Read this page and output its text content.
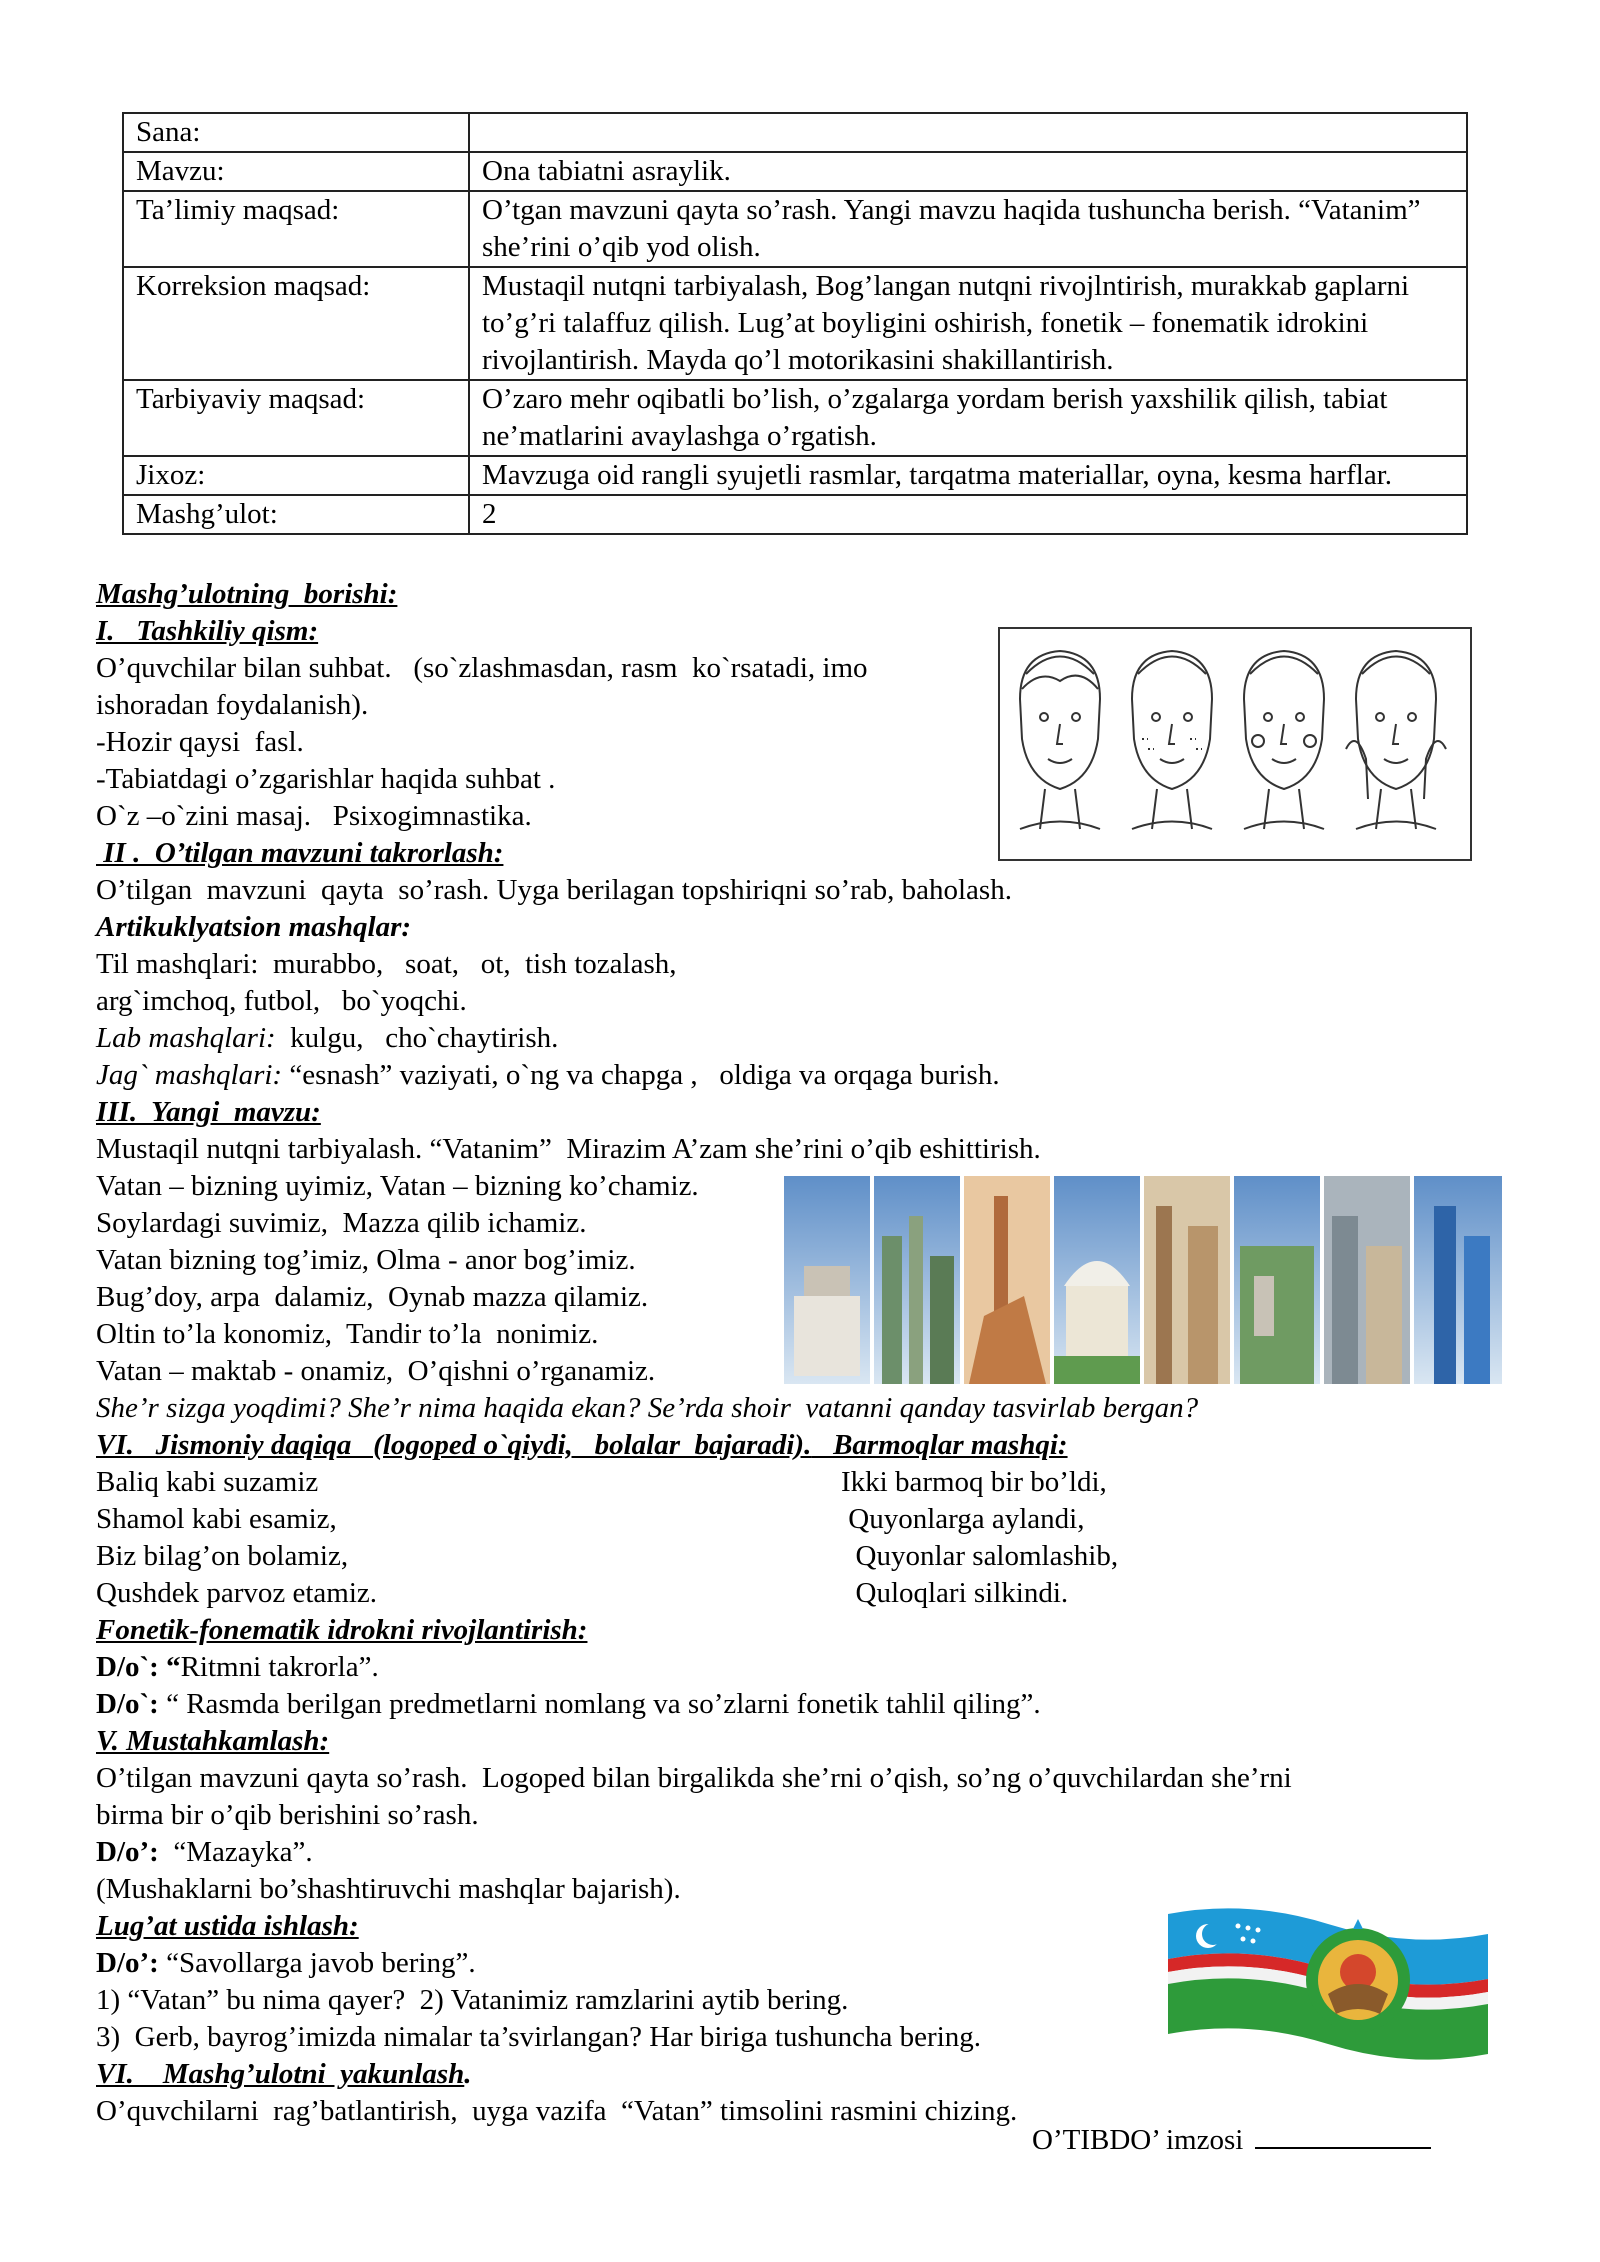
Sana:	
Mavzu:	Ona tabiatni asraylik.
Ta’limiy maqsad:	O’tgan mavzuni qayta so’rash. Yangi mavzu haqida tushuncha berish. “Vatanim” she’rini o’qib yod olish.
Korreksion maqsad:	Mustaqil nutqni tarbiyalash, Bog’langan nutqni rivojlntirish, murakkab gaplarni to’g’ri talaffuz qilish. Lug’at boyligini oshirish, fonetik – fonematik idrokini rivojlantirish. Mayda qo’l motorikasini shakillantirish.
Tarbiyaviy maqsad:	O’zaro mehr oqibatli bo’lish, o’zgalarga yordam berish yaxshilik qilish, tabiat ne’matlarini avaylashga o’rgatish.
Jixoz:	Mavzuga oid rangli syujetli rasmlar, tarqatma materiallar, oyna, kesma harflar.
Mashg’ulot:	2
Mashg’ulotning  borishi:
I.   Tashkiliy qism:
O’quvchilar bilan suhbat.   (so`zlashmasdan, rasm  ko`rsatadi, imo
ishoradan foydalanish).
-Hozir qaysi  fasl.
-Tabiatdagi o’zgarishlar haqida suhbat .
O`z –o`zini masaj.   Psixogimnastika.
II .  O’tilgan mavzuni takrorlash:
O’tilgan  mavzuni  qayta  so’rash. Uyga berilagan topshiriqni so’rab, baholash.
Artikuklyatsion mashqlar:
Til mashqlari:  murabbo,   soat,   ot,  tish tozalash,
arg`imchoq, futbol,   bo`yoqchi.
Lab mashqlari:  kulgu,   cho`chaytirish.
Jag` mashqlari: “esnash” vaziyati, o`ng va chapga ,   oldiga va orqaga burish.
III.  Yangi  mavzu:
Mustaqil nutqni tarbiyalash. “Vatanim”  Mirazim A’zam she’rini o’qib eshittirish.
Vatan – bizning uyimiz, Vatan – bizning ko’chamiz.
Soylardagi suvimiz,  Mazza qilib ichamiz.
Vatan bizning tog’imiz, Olma - anor bog’imiz.
Bug’doy, arpa  dalamiz,  Oynab mazza qilamiz.
Oltin to’la konomiz,  Tandir to’la  nonimiz.
Vatan – maktab - onamiz,  O’qishni o’rganamiz.
She’r sizga yoqdimi? She’r nima haqida ekan? Se’rda shoir  vatanni qanday tasvirlab bergan?
VI.   Jismoniy daqiqa   (logoped o`qiydi,   bolalar  bajaradi).   Barmoqlar mashqi:
Baliq kabi suzamiz
Shamol kabi esamiz,
Biz bilag’on bolamiz,
Qushdek parvoz etamiz.
Ikki barmoq bir bo’ldi,
Quyonlarga aylandi,
Quyonlar salomlashib,
Quloqlari silkindi.
Fonetik-fonematik idrokni rivojlantirish:
D/o`: “Ritmni takrorla”.
D/o`: “ Rasmda berilgan predmetlarni nomlang va so’zlarni fonetik tahlil qiling”.
V. Mustahkamlash:
O’tilgan mavzuni qayta so’rash.  Logoped bilan birgalikda she’rni o’qish, so’ng o’quvchilardan she’rni
birma bir o’qib berishini so’rash.
D/o’:  “Mazayka”.
(Mushaklarni bo’shashtiruvchi mashqlar bajarish).
Lug’at ustida ishlash:
D/o’: “Savollarga javob bering”.
1) “Vatan” bu nima qayer?  2) Vatanimiz ramzlarini aytib bering.
3)  Gerb, bayrog’imizda nimalar ta’svirlangan? Har biriga tushuncha bering.
VI.    Mashg’ulotni  yakunlash.
O’quvchilarni  rag’batlantirish,  uyga vazifa  “Vatan” timsolini rasmini chizing.
O’TIBDO’ imzosi
